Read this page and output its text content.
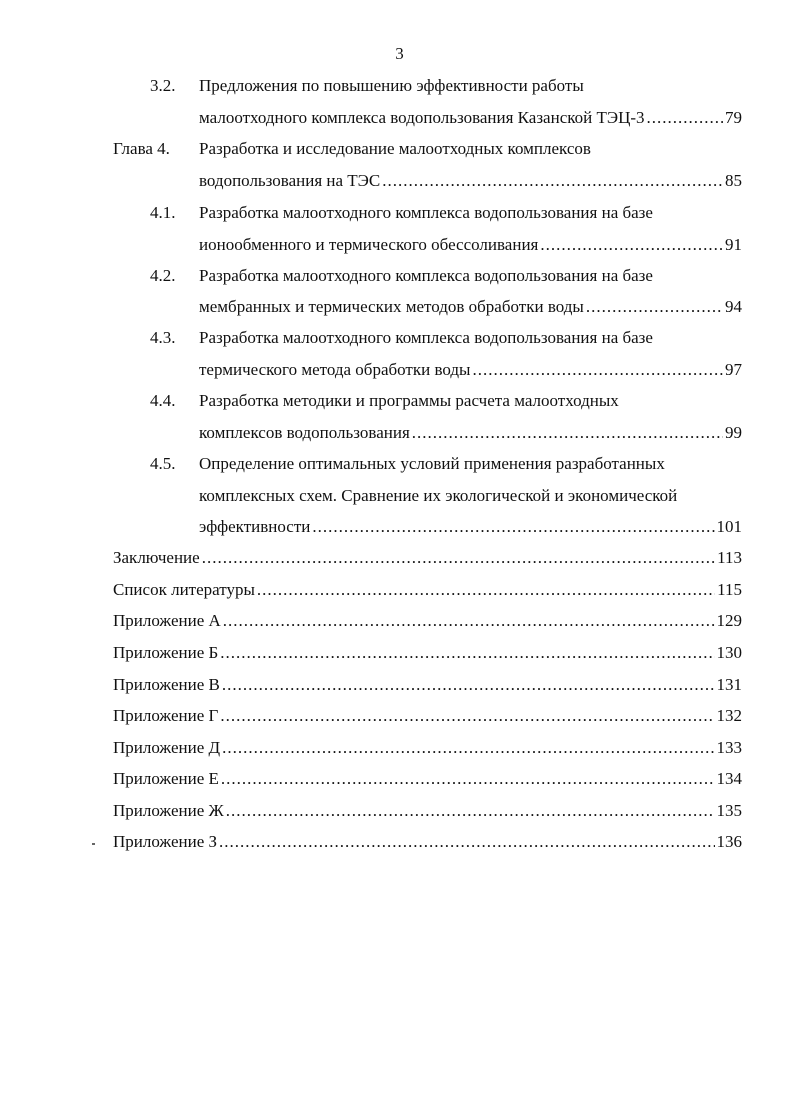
3
3.2. Предложения по повышению эффективности работы
малоотходного комплекса водопользования Казанской ТЭЦ-3 .....	79
Глава 4. Разработка и исследование малоотходных комплексов
водопользования на ТЭС .....	85
4.1. Разработка малоотходного комплекса водопользования на базе
ионообменного и термического обессоливания .....	91
4.2. Разработка малоотходного комплекса водопользования на базе
мембранных и термических методов обработки воды .....	94
4.3. Разработка малоотходного комплекса водопользования на базе
термического метода обработки воды .....	97
4.4. Разработка методики и программы расчета малоотходных
комплексов водопользования .....	99
4.5. Определение оптимальных условий применения разработанных
комплексных схем. Сравнение их экологической и экономической
эффективности .....	101
Заключение .....	113
Список литературы .....	115
Приложение А .....	129
Приложение Б .....	130
Приложение В .....	131
Приложение Г .....	132
Приложение Д .....	133
Приложение Е .....	134
Приложение Ж .....	135
Приложение З .....	136
